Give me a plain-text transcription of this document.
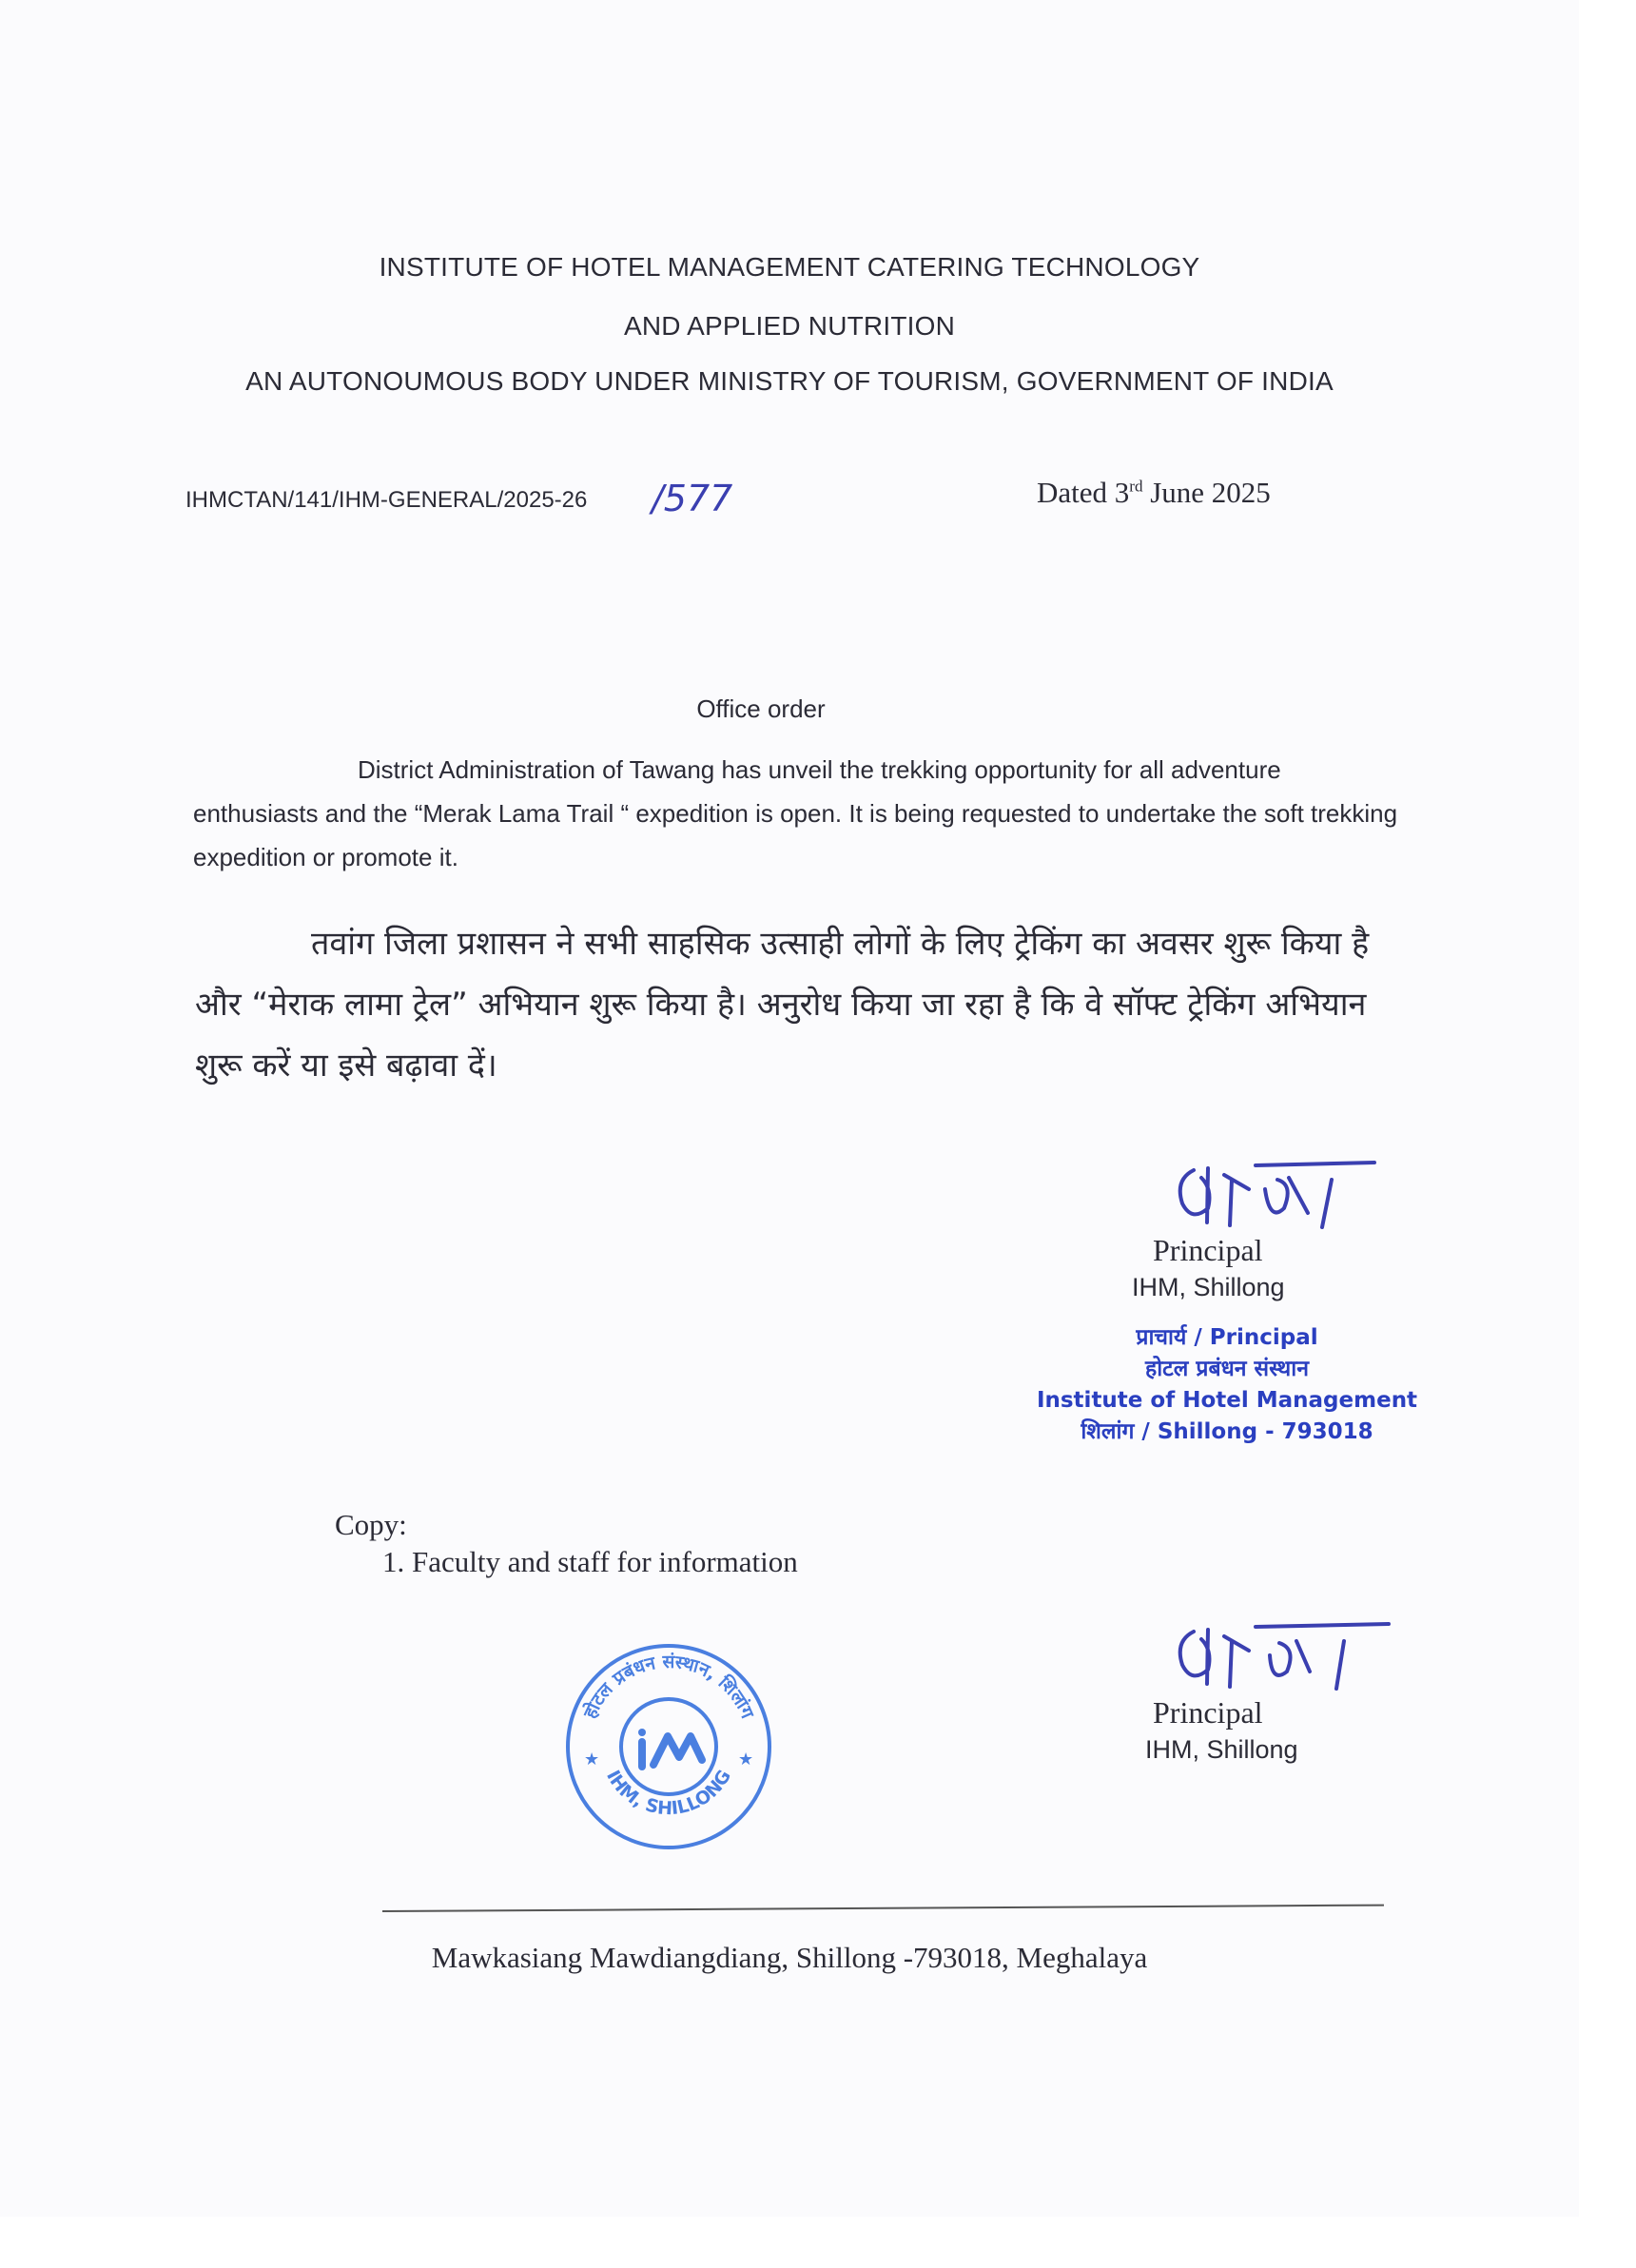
INSTITUTE OF HOTEL MANAGEMENT CATERING TECHNOLOGY
AND APPLIED NUTRITION
AN AUTONOUMOUS BODY UNDER MINISTRY OF TOURISM, GOVERNMENT OF INDIA
IHMCTAN/141/IHM-GENERAL/2025-26 /577	Dated 3rd June 2025
Office order
District Administration of Tawang has unveil the trekking opportunity for all adventure enthusiasts and the “Merak Lama Trail “ expedition is open. It is being requested to undertake the soft trekking expedition or promote it.
तवांग जिला प्रशासन ने सभी साहसिक उत्साही लोगों के लिए ट्रेकिंग का अवसर शुरू किया है और “मेराक लामा ट्रेल” अभियान शुरू किया है। अनुरोध किया जा रहा है कि वे सॉफ्ट ट्रेकिंग अभियान शुरू करें या इसे बढ़ावा दें।
Principal
IHM, Shillong
प्राचार्य / Principal
होटल प्रबंधन संस्थान
Institute of Hotel Management
शिलांग / Shillong - 793018
Copy:
1. Faculty and staff for information
होटल प्रबंधन संस्थान, शिलांग
IHM, SHILLONG
★	★
Principal
IHM, Shillong
Mawkasiang Mawdiangdiang, Shillong -793018, Meghalaya
